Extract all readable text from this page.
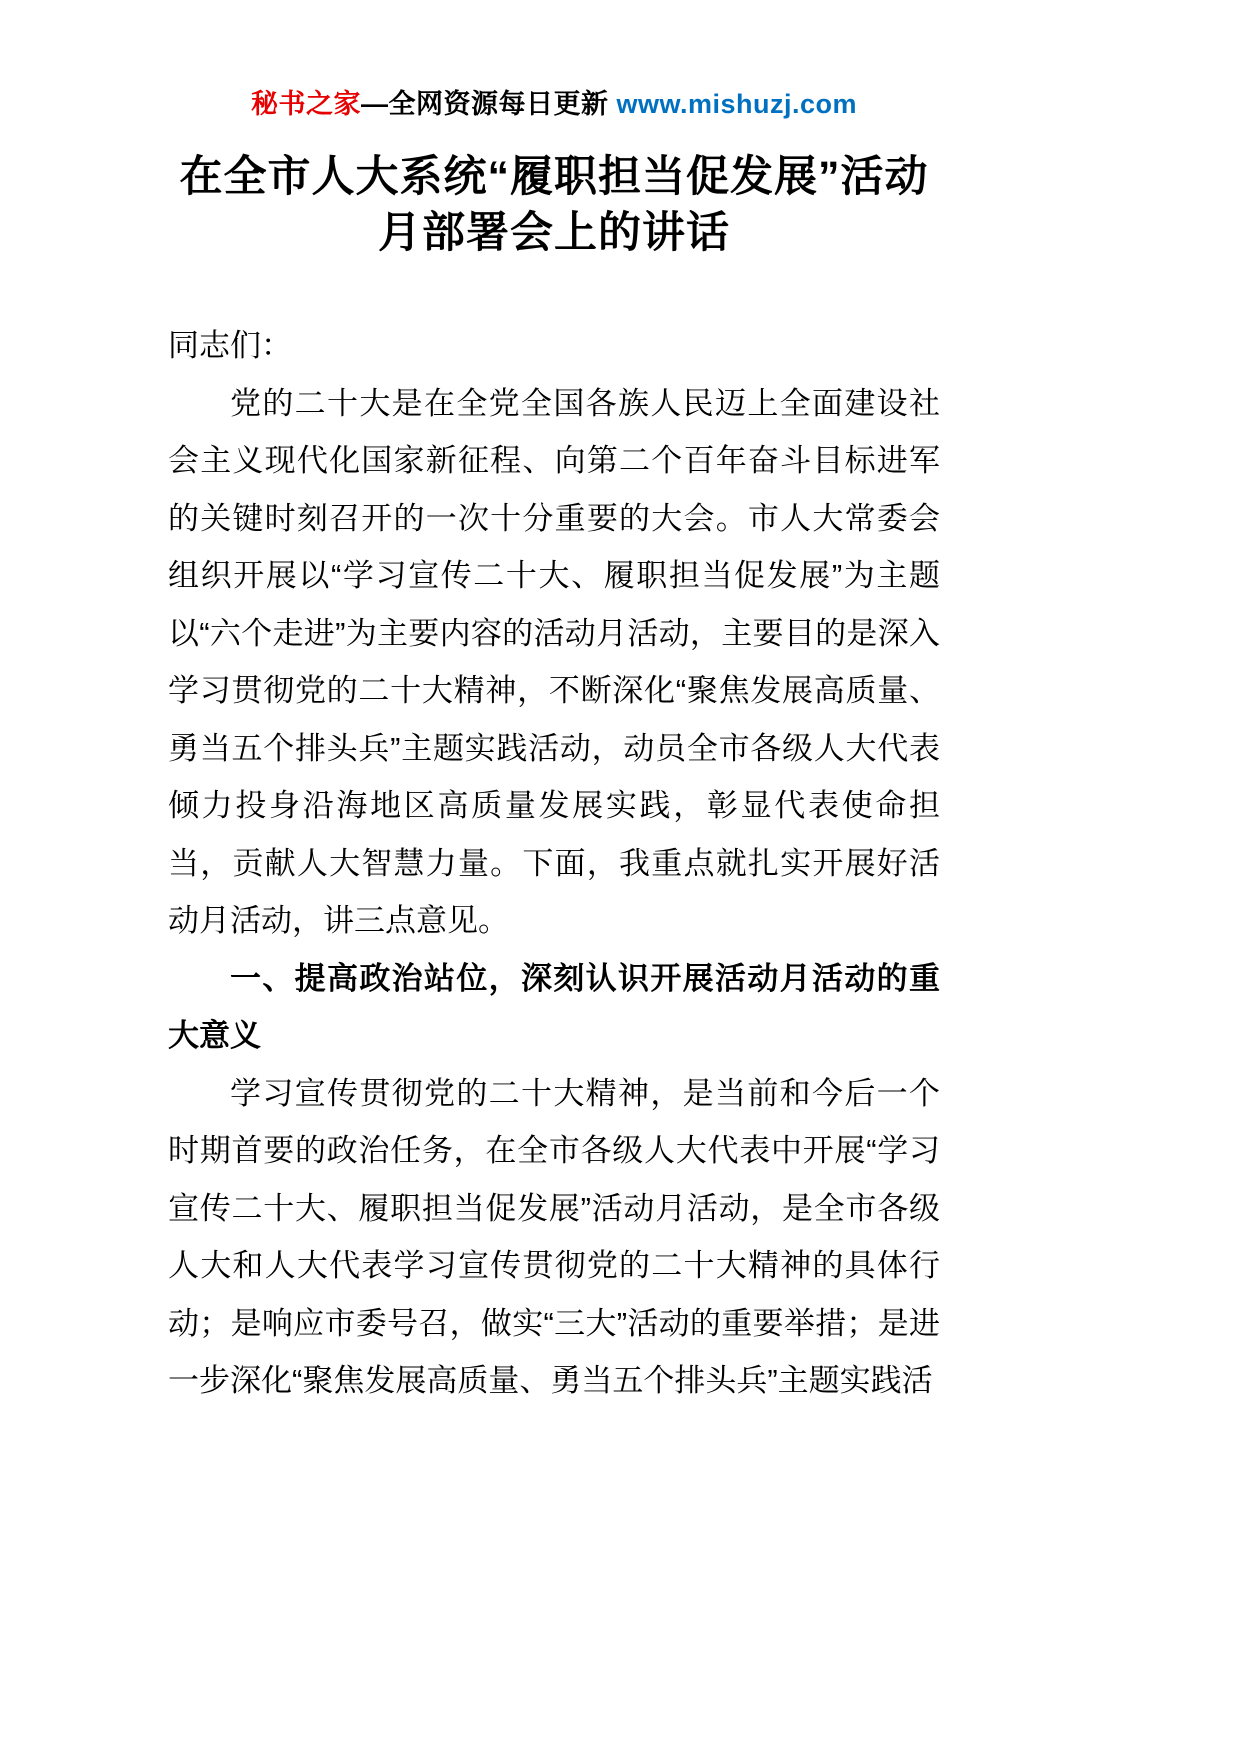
秘书之家—全网资源每日更新 www.mishuzj.com
在全市人大系统“履职担当促发展”活动月部署会上的讲话

同志们：

党的二十大是在全党全国各族人民迈上全面建设社会主义现代化国家新征程、向第二个百年奋斗目标进军的关键时刻召开的一次十分重要的大会。市人大常委会组织开展以“学习宣传二十大、履职担当促发展”为主题以“六个走进”为主要内容的活动月活动，主要目的是深入学习贯彻党的二十大精神，不断深化“聚焦发展高质量、勇当五个排头兵”主题实践活动，动员全市各级人大代表倾力投身沿海地区高质量发展实践，彰显代表使命担当，贡献人大智慧力量。下面，我重点就扎实开展好活动月活动，讲三点意见。

一、提高政治站位，深刻认识开展活动月活动的重大意义

学习宣传贯彻党的二十大精神，是当前和今后一个时期首要的政治任务，在全市各级人大代表中开展“学习宣传二十大、履职担当促发展”活动月活动，是全市各级人大和人大代表学习宣传贯彻党的二十大精神的具体行动；是响应市委号召，做实“三大”活动的重要举措；是进一步深化“聚焦发展高质量、勇当五个排头兵”主题实践活
